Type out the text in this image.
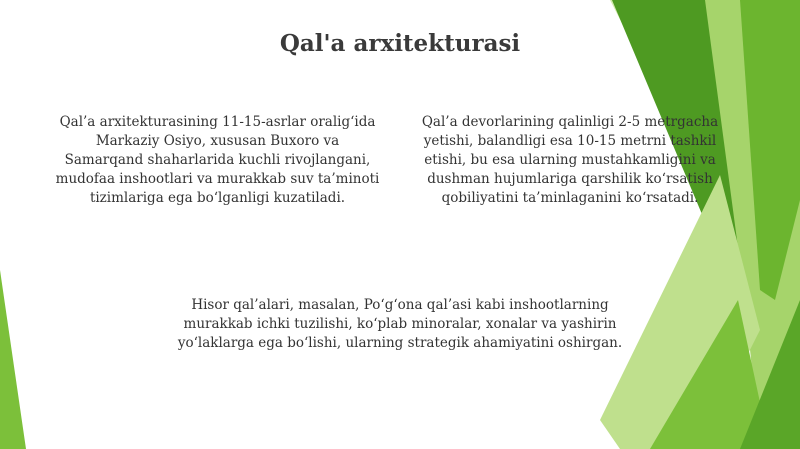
Qal'a arxitekturasi

Qal’a arxitekturasining 11-15-asrlar oralig‘ida Markaziy Osiyo, xususan Buxoro va Samarqand shaharlarida kuchli rivojlangani, mudofaa inshootlari va murakkab suv ta’minoti tizimlariga ega bo‘lganligi kuzatiladi.

Qal’a devorlarining qalinligi 2-5 metrgacha yetishi, balandligi esa 10-15 metrni tashkil etishi, bu esa ularning mustahkamligini va dushman hujumlariga qarshilik ko‘rsatish qobiliyatini ta’minlaganini ko‘rsatadi.

Hisor qal’alari, masalan, Po‘g‘ona qal’asi kabi inshootlarning murakkab ichki tuzilishi, ko‘plab minoralar, xonalar va yashirin yo‘laklarga ega bo‘lishi, ularning strategik ahamiyatini oshirgan.
